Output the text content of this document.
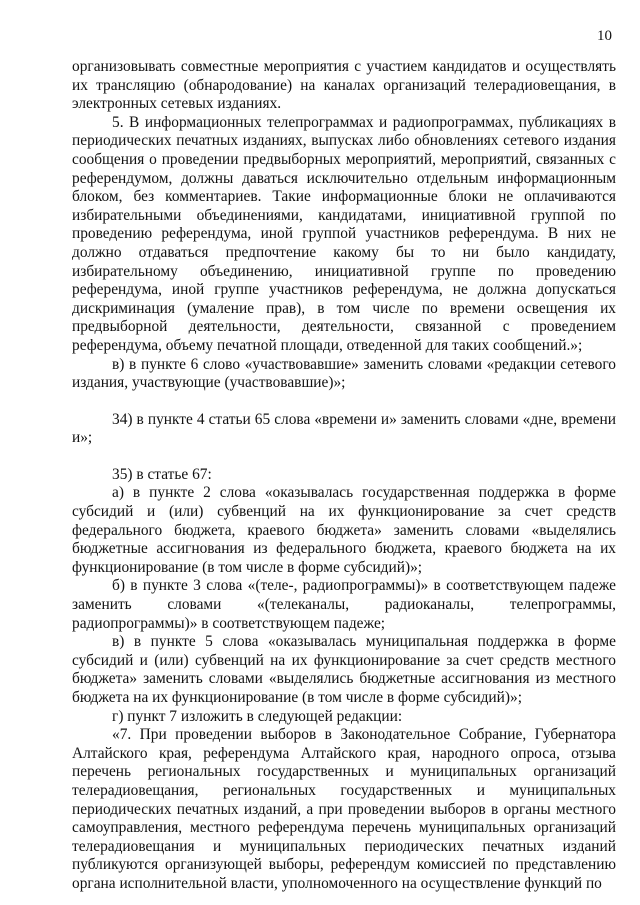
10

организовывать совместные мероприятия с участием кандидатов и осуществлять их трансляцию (обнародование) на каналах организаций телерадиовещания, в электронных сетевых изданиях.

5. В информационных телепрограммах и радиопрограммах, публикациях в периодических печатных изданиях, выпусках либо обновлениях сетевого издания сообщения о проведении предвыборных мероприятий, мероприятий, связанных с референдумом, должны даваться исключительно отдельным информационным блоком, без комментариев. Такие информационные блоки не оплачиваются избирательными объединениями, кандидатами, инициативной группой по проведению референдума, иной группой участников референдума. В них не должно отдаваться предпочтение какому бы то ни было кандидату, избирательному объединению, инициативной группе по проведению референдума, иной группе участников референдума, не должна допускаться дискриминация (умаление прав), в том числе по времени освещения их предвыборной деятельности, деятельности, связанной с проведением референдума, объему печатной площади, отведенной для таких сообщений.»;

в) в пункте 6 слово «участвовавшие» заменить словами «редакции сетевого издания, участвующие (участвовавшие)»;

34) в пункте 4 статьи 65 слова «времени и» заменить словами «дне, времени и»;

35) в статье 67:

а) в пункте 2 слова «оказывалась государственная поддержка в форме субсидий и (или) субвенций на их функционирование за счет средств федерального бюджета, краевого бюджета» заменить словами «выделялись бюджетные ассигнования из федерального бюджета, краевого бюджета на их функционирование (в том числе в форме субсидий)»;

б) в пункте 3 слова «(теле-, радиопрограммы)» в соответствующем падеже заменить словами «(телеканалы, радиоканалы, телепрограммы, радиопрограммы)» в соответствующем падеже;

в) в пункте 5 слова «оказывалась муниципальная поддержка в форме субсидий и (или) субвенций на их функционирование за счет средств местного бюджета» заменить словами «выделялись бюджетные ассигнования из местного бюджета на их функционирование (в том числе в форме субсидий)»;

г) пункт 7 изложить в следующей редакции:

«7. При проведении выборов в Законодательное Собрание, Губернатора Алтайского края, референдума Алтайского края, народного опроса, отзыва перечень региональных государственных и муниципальных организаций телерадиовещания, региональных государственных и муниципальных периодических печатных изданий, а при проведении выборов в органы местного самоуправления, местного референдума перечень муниципальных организаций телерадиовещания и муниципальных периодических печатных изданий публикуются организующей выборы, референдум комиссией по представлению органа исполнительной власти, уполномоченного на осуществление функций по
